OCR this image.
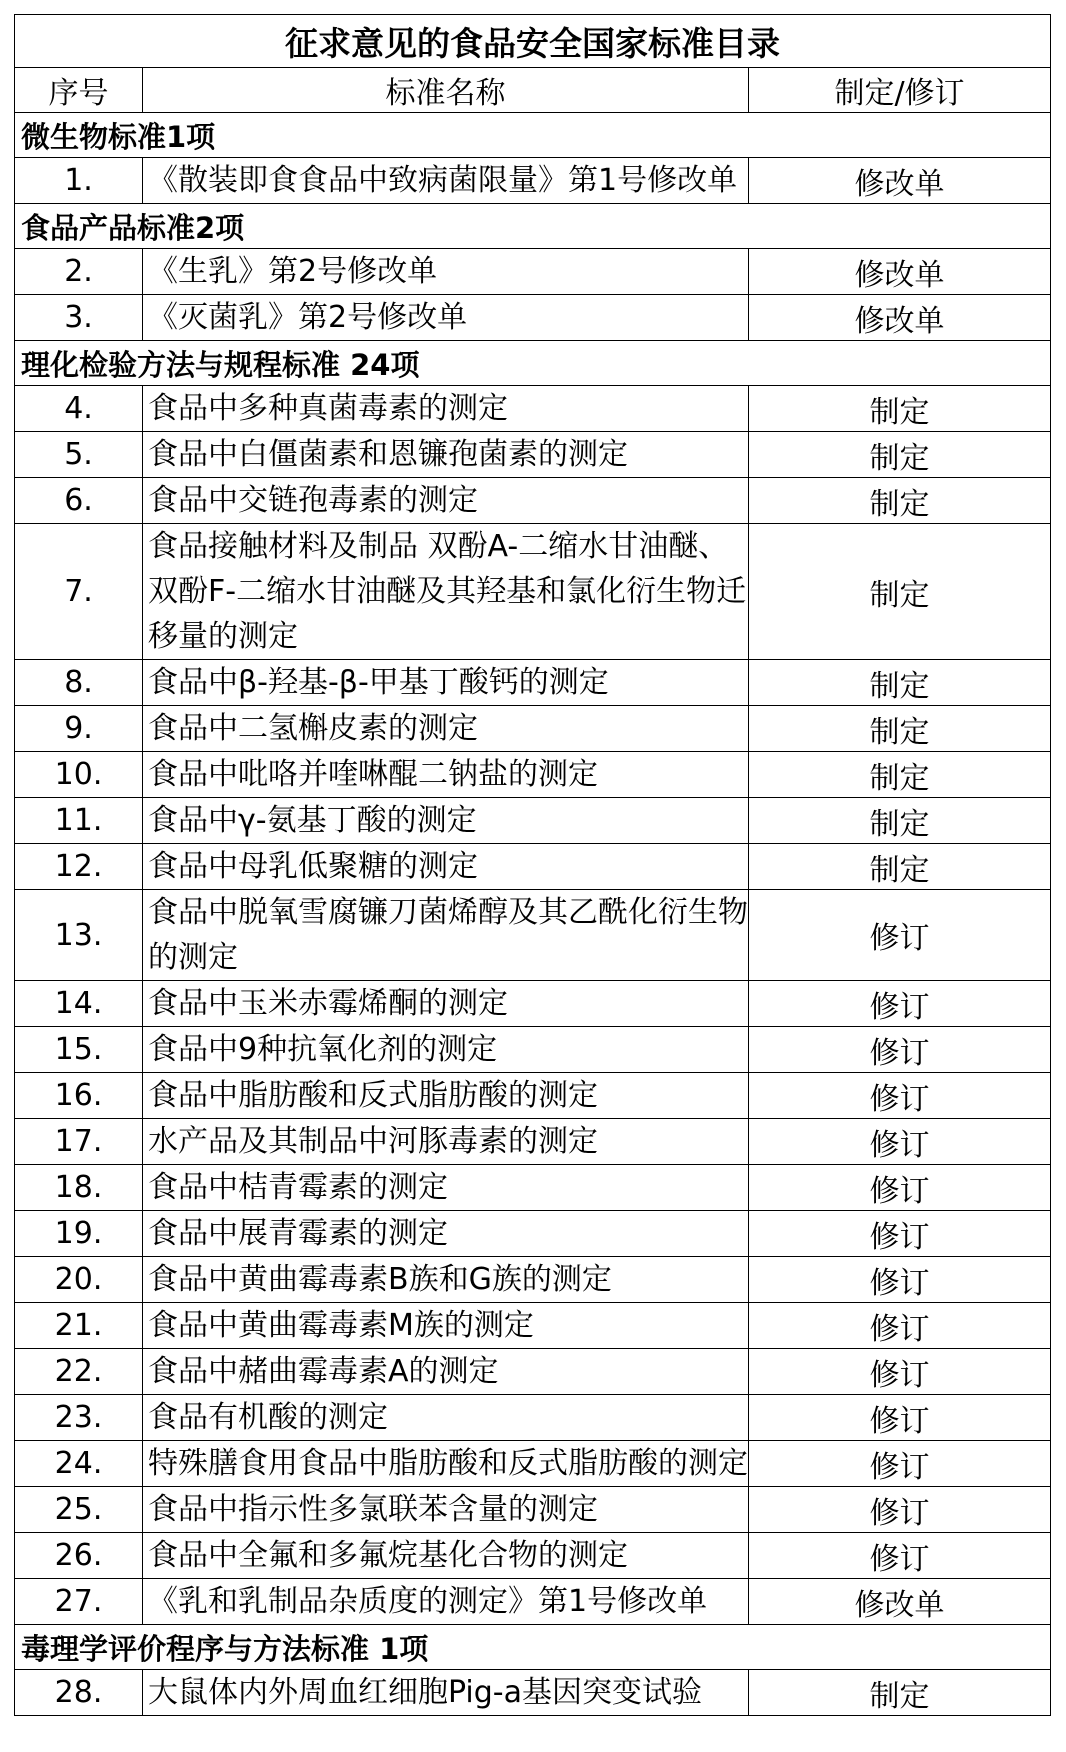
征求意见的食品安全国家标准目录		
序号	标准名称	制定/修订
微生物标准1项		
1.	《散装即食食品中致病菌限量》第1号修改单	修改单
食品产品标准2项		
2.	《生乳》第2号修改单	修改单
3.	《灭菌乳》第2号修改单	修改单
理化检验方法与规程标准 24项		
4.	食品中多种真菌毒素的测定	制定
5.	食品中白僵菌素和恩镰孢菌素的测定	制定
6.	食品中交链孢毒素的测定	制定
7.	食品接触材料及制品 双酚A-二缩水甘油醚、双酚F-二缩水甘油醚及其羟基和氯化衍生物迁移量的测定	制定
8.	食品中β-羟基-β-甲基丁酸钙的测定	制定
9.	食品中二氢槲皮素的测定	制定
10.	食品中吡咯并喹啉醌二钠盐的测定	制定
11.	食品中γ-氨基丁酸的测定	制定
12.	食品中母乳低聚糖的测定	制定
13.	食品中脱氧雪腐镰刀菌烯醇及其乙酰化衍生物的测定	修订
14.	食品中玉米赤霉烯酮的测定	修订
15.	食品中9种抗氧化剂的测定	修订
16.	食品中脂肪酸和反式脂肪酸的测定	修订
17.	水产品及其制品中河豚毒素的测定	修订
18.	食品中桔青霉素的测定	修订
19.	食品中展青霉素的测定	修订
20.	食品中黄曲霉毒素B族和G族的测定	修订
21.	食品中黄曲霉毒素M族的测定	修订
22.	食品中赭曲霉毒素A的测定	修订
23.	食品有机酸的测定	修订
24.	特殊膳食用食品中脂肪酸和反式脂肪酸的测定	修订
25.	食品中指示性多氯联苯含量的测定	修订
26.	食品中全氟和多氟烷基化合物的测定	修订
27.	《乳和乳制品杂质度的测定》第1号修改单	修改单
毒理学评价程序与方法标准 1项		
28.	大鼠体内外周血红细胞Pig-a基因突变试验	制定
